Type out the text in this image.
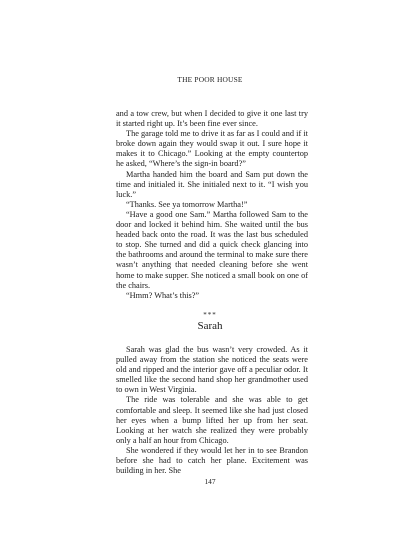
THE POOR HOUSE

and a tow crew, but when I decided to give it one last try it started right up. It’s been fine ever since.

The garage told me to drive it as far as I could and if it broke down again they would swap it out. I sure hope it makes it to Chicago.” Looking at the empty countertop he asked, “Where’s the sign-in board?”

Martha handed him the board and Sam put down the time and initialed it. She initialed next to it. “I wish you luck.”

“Thanks. See ya tomorrow Martha!”

“Have a good one Sam.” Martha followed Sam to the door and locked it behind him. She waited until the bus headed back onto the road. It was the last bus scheduled to stop. She turned and did a quick check glancing into the bathrooms and around the terminal to make sure there wasn’t anything that needed cleaning before she went home to make supper. She noticed a small book on one of the chairs.

“Hmm? What’s this?”

***
Sarah

Sarah was glad the bus wasn’t very crowded. As it pulled away from the station she noticed the seats were old and ripped and the interior gave off a peculiar odor. It smelled like the second hand shop her grandmother used to own in West Virginia.

The ride was tolerable and she was able to get comfortable and sleep. It seemed like she had just closed her eyes when a bump lifted her up from her seat. Looking at her watch she realized they were probably only a half an hour from Chicago.

She wondered if they would let her in to see Brandon before she had to catch her plane. Excitement was building in her. She

147
